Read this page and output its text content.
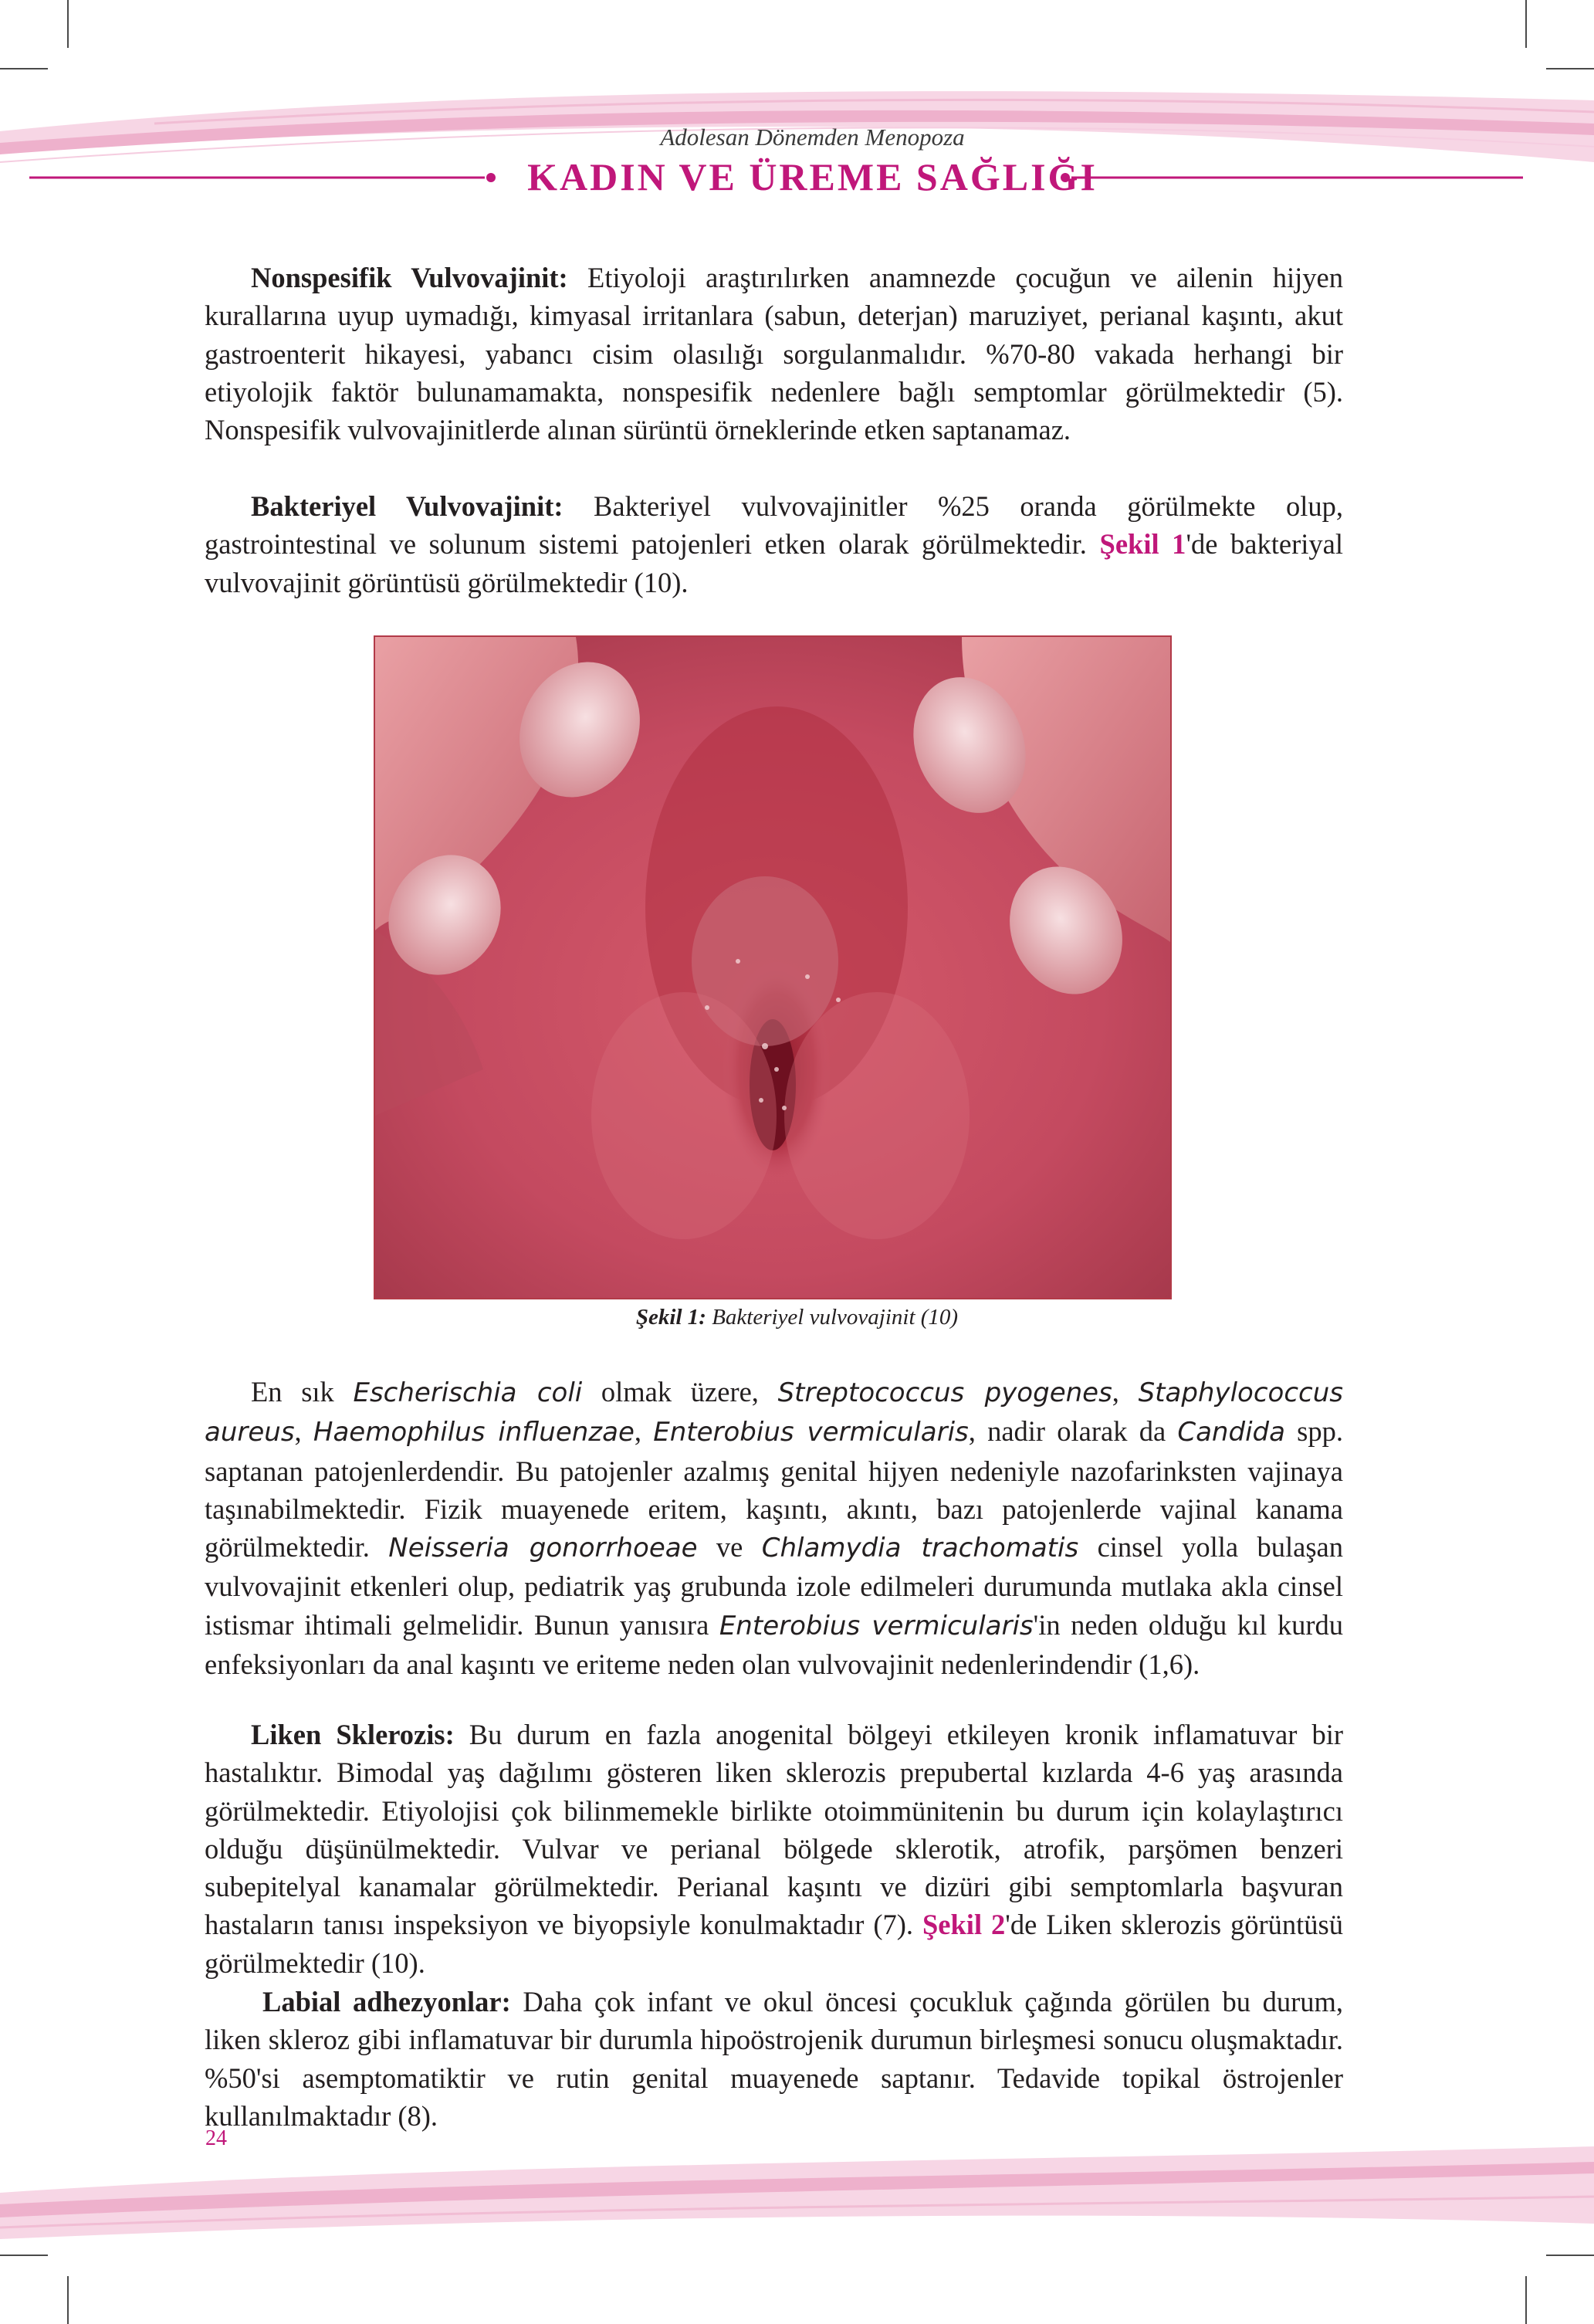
Adolesan Dönemden Menopoza
KADIN VE ÜREME SAĞLIĞI

Nonspesifik Vulvovajinit: Etiyoloji araştırılırken anamnezde çocuğun ve ailenin hijyen kurallarına uyup uymadığı, kimyasal irritanlara (sabun, deterjan) maruziyet, perianal kaşıntı, akut gastroenterit hikayesi, yabancı cisim olasılığı sorgulanmalıdır. %70-80 vakada herhangi bir etiyolojik faktör bulunamamakta, nonspesifik nedenlere bağlı semptomlar görülmektedir (5). Nonspesifik vulvovajinitlerde alınan sürüntü örneklerinde etken saptanamaz.

Bakteriyel Vulvovajinit: Bakteriyel vulvovajinitler %25 oranda görülmekte olup, gastrointestinal ve solunum sistemi patojenleri etken olarak görülmektedir. Şekil 1'de bakteriyal vulvovajinit görüntüsü görülmektedir (10).

Şekil 1: Bakteriyel vulvovajinit (10)

En sık Escherischia coli olmak üzere, Streptococcus pyogenes, Staphylococcus aureus, Haemophilus influenzae, Enterobius vermicularis, nadir olarak da Candida spp. saptanan patojenlerdendir. Bu patojenler azalmış genital hijyen nedeniyle nazofarinksten vajinaya taşınabilmektedir. Fizik muayenede eritem, kaşıntı, akıntı, bazı patojenlerde vajinal kanama görülmektedir. Neisseria gonorrhoeae ve Chlamydia trachomatis cinsel yolla bulaşan vulvovajinit etkenleri olup, pediatrik yaş grubunda izole edilmeleri durumunda mutlaka akla cinsel istismar ihtimali gelmelidir. Bunun yanısıra Enterobius vermicularis'in neden olduğu kıl kurdu enfeksiyonları da anal kaşıntı ve eriteme neden olan vulvovajinit nedenlerindendir (1,6).

Liken Sklerozis: Bu durum en fazla anogenital bölgeyi etkileyen kronik inflamatuvar bir hastalıktır. Bimodal yaş dağılımı gösteren liken sklerozis prepubertal kızlarda 4-6 yaş arasında görülmektedir. Etiyolojisi çok bilinmemekle birlikte otoimmünitenin bu durum için kolaylaştırıcı olduğu düşünülmektedir. Vulvar ve perianal bölgede sklerotik, atrofik, parşömen benzeri subepitelyal kanamalar görülmektedir. Perianal kaşıntı ve dizüri gibi semptomlarla başvuran hastaların tanısı inspeksiyon ve biyopsiyle konulmaktadır (7). Şekil 2'de Liken sklerozis görüntüsü görülmektedir (10).

Labial adhezyonlar: Daha çok infant ve okul öncesi çocukluk çağında görülen bu durum, liken skleroz gibi inflamatuvar bir durumla hipoöstrojenik durumun birleşmesi sonucu oluşmaktadır. %50'si asemptomatiktir ve rutin genital muayenede saptanır. Tedavide topikal östrojenler kullanılmaktadır (8).

24
